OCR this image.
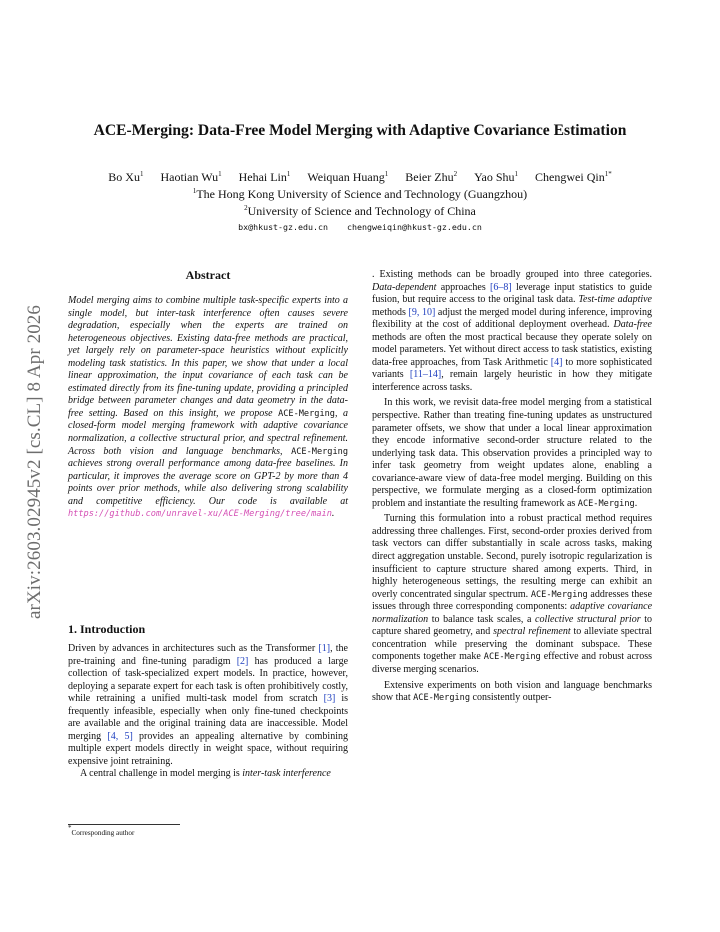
ACE-Merging: Data-Free Model Merging with Adaptive Covariance Estimation
Bo Xu$^1$ Haotian Wu$^1$ Hehai Lin$^1$ Weiquan Huang$^1$ Beier Zhu$^2$ Yao Shu$^1$ Chengwei Qin$^{1*}$
$^1$The Hong Kong University of Science and Technology (Guangzhou)
$^2$University of Science and Technology of China
bx@hkust-gz.edu.cn chengweiqin@hkust-gz.edu.cn
arXiv:2603.02945v2 [cs.CL] 8 Apr 2026
Abstract

Model merging aims to combine multiple task-specific experts into a single model, but inter-task interference often causes severe degradation, especially when the experts are trained on heterogeneous objectives. Existing data-free methods are practical, yet largely rely on parameter-space heuristics without explicitly modeling task statistics. In this paper, we show that under a local linear approximation, the input covariance of each task can be estimated directly from its fine-tuning update, providing a principled bridge between parameter changes and data geometry in the data-free setting. Based on this insight, we propose ACE-Merging, a closed-form model merging framework with adaptive covariance normalization, a collective structural prior, and spectral refinement. Across both vision and language benchmarks, ACE-Merging achieves strong overall performance among data-free baselines. In particular, it improves the average score on GPT-2 by more than 4 points over prior methods, while also delivering strong scalability and competitive efficiency. Our code is available at https://github.com/unravel-xu/ACE-Merging/tree/main.

1. Introduction

Driven by advances in architectures such as the Transformer [1], the pre-training and fine-tuning paradigm [2] has produced a large collection of task-specialized expert models. In practice, however, deploying a separate expert for each task is often prohibitively costly, while retraining a unified multi-task model from scratch [3] is frequently infeasible, especially when only fine-tuned checkpoints are available and the original training data are inaccessible. Model merging [4, 5] provides an appealing alternative by combining multiple expert models directly in weight space, without requiring expensive joint retraining.

A central challenge in model merging is inter-task interference

. Existing methods can be broadly grouped into three categories. Data-dependent approaches [6–8] leverage input statistics to guide fusion, but require access to the original task data. Test-time adaptive methods [9, 10] adjust the merged model during inference, improving flexibility at the cost of additional deployment overhead. Data-free methods are often the most practical because they operate solely on model parameters. Yet without direct access to task statistics, existing data-free approaches, from Task Arithmetic [4] to more sophisticated variants [11–14], remain largely heuristic in how they mitigate interference across tasks.

In this work, we revisit data-free model merging from a statistical perspective. Rather than treating fine-tuning updates as unstructured parameter offsets, we show that under a local linear approximation they encode informative second-order structure related to the underlying task data. This observation provides a principled way to infer task geometry from weight updates alone, enabling a covariance-aware view of data-free model merging. Building on this perspective, we formulate merging as a closed-form optimization problem and instantiate the resulting framework as ACE-Merging.

Turning this formulation into a robust practical method requires addressing three challenges. First, second-order proxies derived from task vectors can differ substantially in scale across tasks, making direct aggregation unstable. Second, purely isotropic regularization is insufficient to capture structure shared among experts. Third, in highly heterogeneous settings, the resulting merge can exhibit an overly concentrated singular spectrum. ACE-Merging addresses these issues through three corresponding components: adaptive covariance normalization to balance task scales, a collective structural prior to capture shared geometry, and spectral refinement to alleviate spectral concentration while preserving the dominant subspace. These components together make ACE-Merging effective and robust across diverse merging scenarios.

Extensive experiments on both vision and language benchmarks show that ACE-Merging consistently outper-

*Corresponding author
